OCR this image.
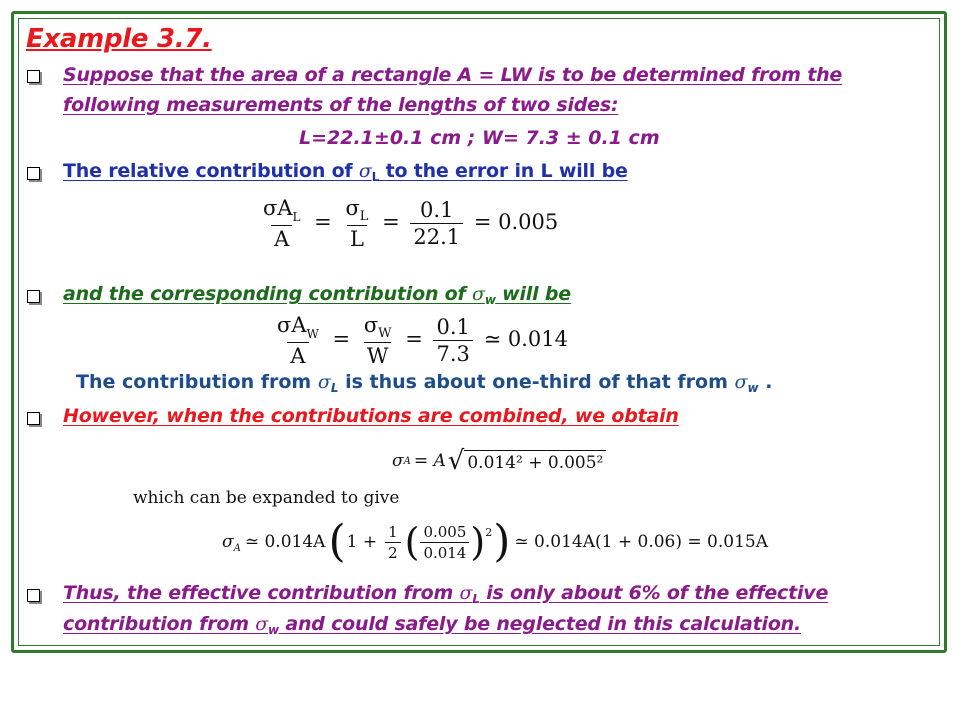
Example 3.7.
Suppose that the area of a rectangle A = LW is to be determined from the
following measurements of the lengths of two sides:
L=22.1±0.1 cm ; W= 7.3 ± 0.1 cm
The relative contribution of $\sigma_L$ to the error in L will be
$\frac{\sigma A_L}{A} = \frac{\sigma_L}{L} = \frac{0.1}{22.1} = 0.005$
and the corresponding contribution of $\sigma_w$ will be
$\frac{\sigma A_W}{A} = \frac{\sigma_W}{W} = \frac{0.1}{7.3}$ ≃ 0.014
The contribution from $\sigma_L$ is thus about one-third of that from $\sigma_w$ .
However, when the contributions are combined, we obtain
σ A = A √ 0.014² + 0.005²
which can be expanded to give
σ A ≃ 0.014A ( $1 + \frac{1}{2}$ ( $\frac{0.005}{0.014}$ ) 2 ) ≃ 0.014A(1 + 0.06) = 0.015A
Thus, the effective contribution from $\sigma_L$ is only about 6% of the effective
contribution from $\sigma_w$ and could safely be neglected in this calculation.
